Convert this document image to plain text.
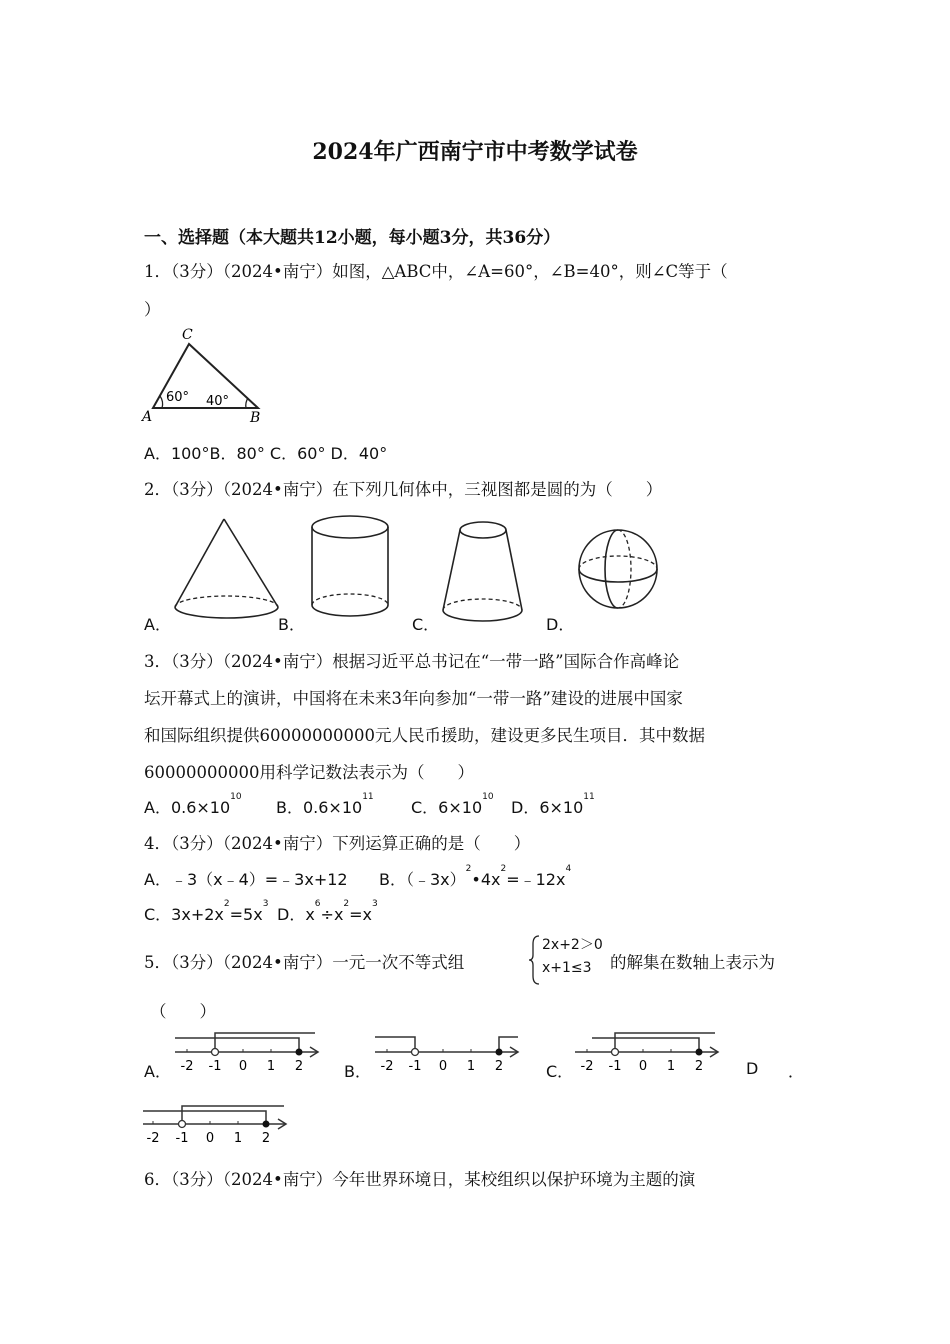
2024年广西南宁市中考数学试卷
一、选择题（本大题共12小题，每小题3分，共36分）
1．（3分）（2024•南宁）如图，△ABC中，∠A=60°，∠B=40°，则∠C等于（
）
C
A	B
60° 40°
A．100°B．80° C．60° D．40°
2．（3分）（2024•南宁）在下列几何体中，三视图都是圆的为（　　）
A．	B．	C．	D．
3．（3分）（2024•南宁）根据习近平总书记在“一带一路”国际合作高峰论
坛开幕式上的演讲，中国将在未来3年向参加“一带一路”建设的进展中国家
和国际组织提供60000000000元人民币援助，建设更多民生项目．其中数据
60000000000用科学记数法表示为（　　）
A．$0.6\times 10^{10}$
B．$0.6\times 10^{11}$
C．$6\times 10^{10}$
D．$6\times 10^{11}$
4．（3分）（2024•南宁）下列运算正确的是（　　）
A．﹣3（x﹣4）=﹣3x+12 B．$(﹣3x)^2•4x^2=﹣12x^4$
C．$3x+2x^2=5x^3$
D．$x^6\div x^2=x^3$
5．（3分）（2024•南宁）一元一次不等式组
2x+2＞0
x+1≤3 的解集在数轴上表示为
（　　）
A．	B．	C．	D ．
-2 -1 0 1 2	-2 -1 0 1 2	-2 -1 0 1 2
-2 -1 0 1 2
6．（3分）（2024•南宁）今年世界环境日，某校组织以保护环境为主题的演
